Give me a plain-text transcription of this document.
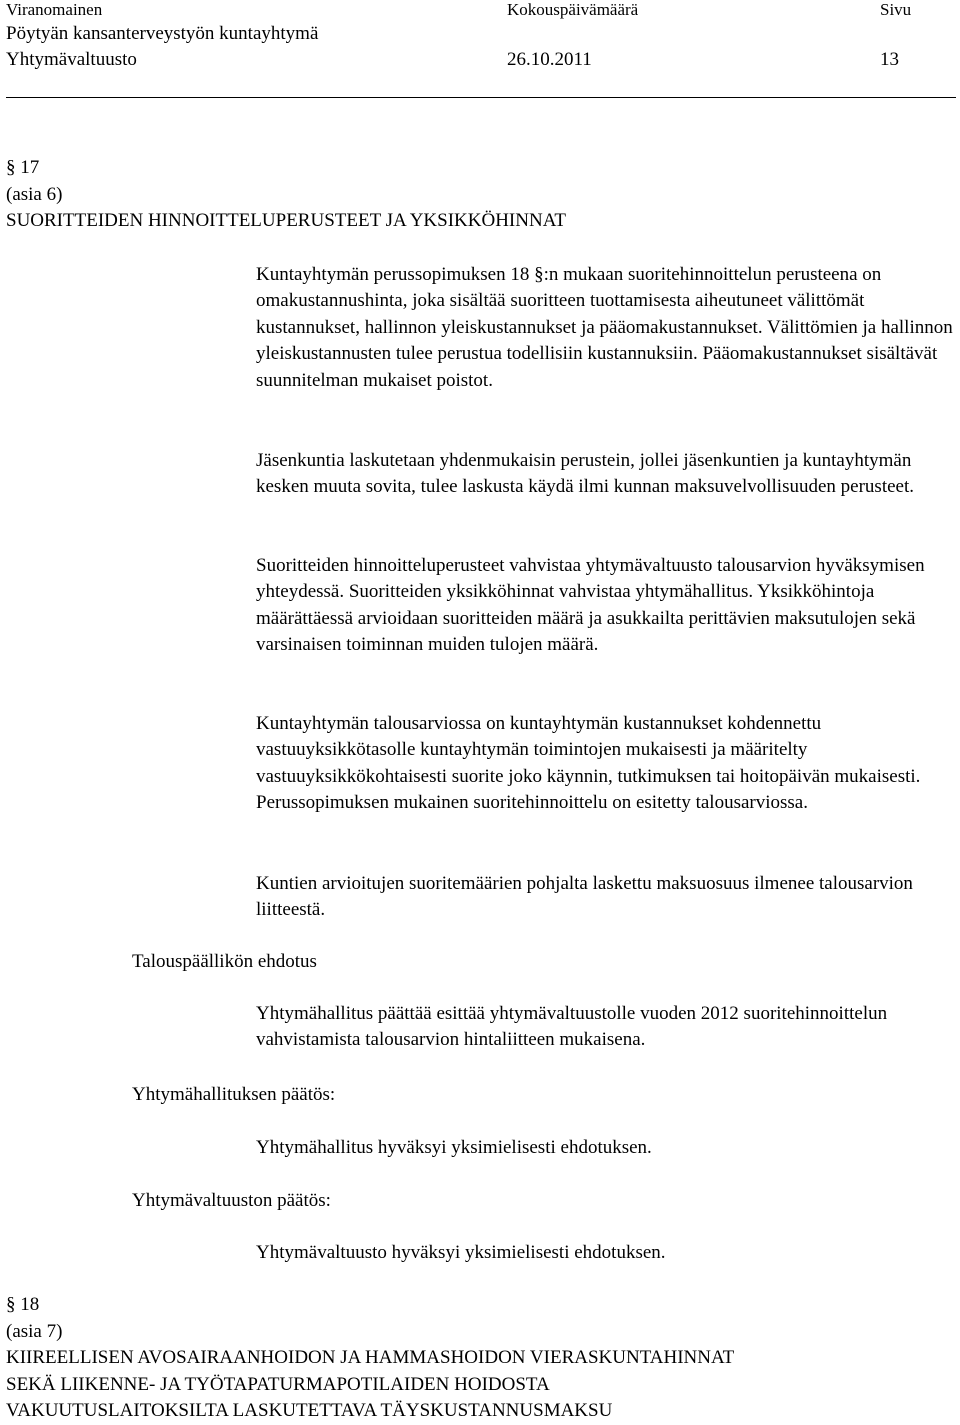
Viranomainen	Kokouspäivämäärä	Sivu
Pöytyän kansanterveystyön kuntayhtymä
Yhtymävaltuusto	26.10.2011	13
§ 17
(asia 6)
SUORITTEIDEN HINNOITTELUPERUSTEET JA YKSIKKÖHINNAT

Kuntayhtymän perussopimuksen 18 §:n mukaan suoritehinnoittelun perusteena on omakustannushinta, joka sisältää suoritteen tuottamisesta aiheutuneet välittömät kustannukset, hallinnon yleiskustannukset ja pääomakustannukset. Välittömien ja hallinnon yleiskustannusten tulee perustua todellisiin kustannuksiin. Pääomakustannukset sisältävät suunnitelman mukaiset poistot.

Jäsenkuntia laskutetaan yhdenmukaisin perustein, jollei jäsenkuntien ja kuntayhtymän kesken muuta sovita, tulee laskusta käydä ilmi kunnan maksuvelvollisuuden perusteet.

Suoritteiden hinnoitteluperusteet vahvistaa yhtymävaltuusto talousarvion hyväksymisen yhteydessä. Suoritteiden yksikköhinnat vahvistaa yhtymähallitus. Yksikköhintoja määrättäessä arvioidaan suoritteiden määrä ja asukkailta perittävien maksutulojen sekä varsinaisen toiminnan muiden tulojen määrä.

Kuntayhtymän talousarviossa on kuntayhtymän kustannukset kohdennettu vastuuyksikkötasolle kuntayhtymän toimintojen mukaisesti ja määritelty vastuuyksikkökohtaisesti suorite joko käynnin, tutkimuksen tai hoitopäivän mukaisesti. Perussopimuksen mukainen suoritehinnoittelu on esitetty talousarviossa.

Kuntien arvioitujen suoritemäärien pohjalta laskettu maksuosuus ilmenee talousarvion liitteestä.

Talouspäällikön ehdotus

Yhtymähallitus päättää esittää yhtymävaltuustolle vuoden 2012 suoritehinnoittelun vahvistamista talousarvion hintaliitteen mukaisena.

Yhtymähallituksen päätös:

Yhtymähallitus hyväksyi yksimielisesti ehdotuksen.

Yhtymävaltuuston päätös:

Yhtymävaltuusto hyväksyi yksimielisesti ehdotuksen.

§ 18
(asia 7)
KIIREELLISEN AVOSAIRAANHOIDON JA HAMMASHOIDON VIERASKUNTAHINNAT
SEKÄ LIIKENNE- JA TYÖTAPATURMAPOTILAIDEN HOIDOSTA
VAKUUTUSLAITOKSILTA LASKUTETTAVA TÄYSKUSTANNUSMAKSU
